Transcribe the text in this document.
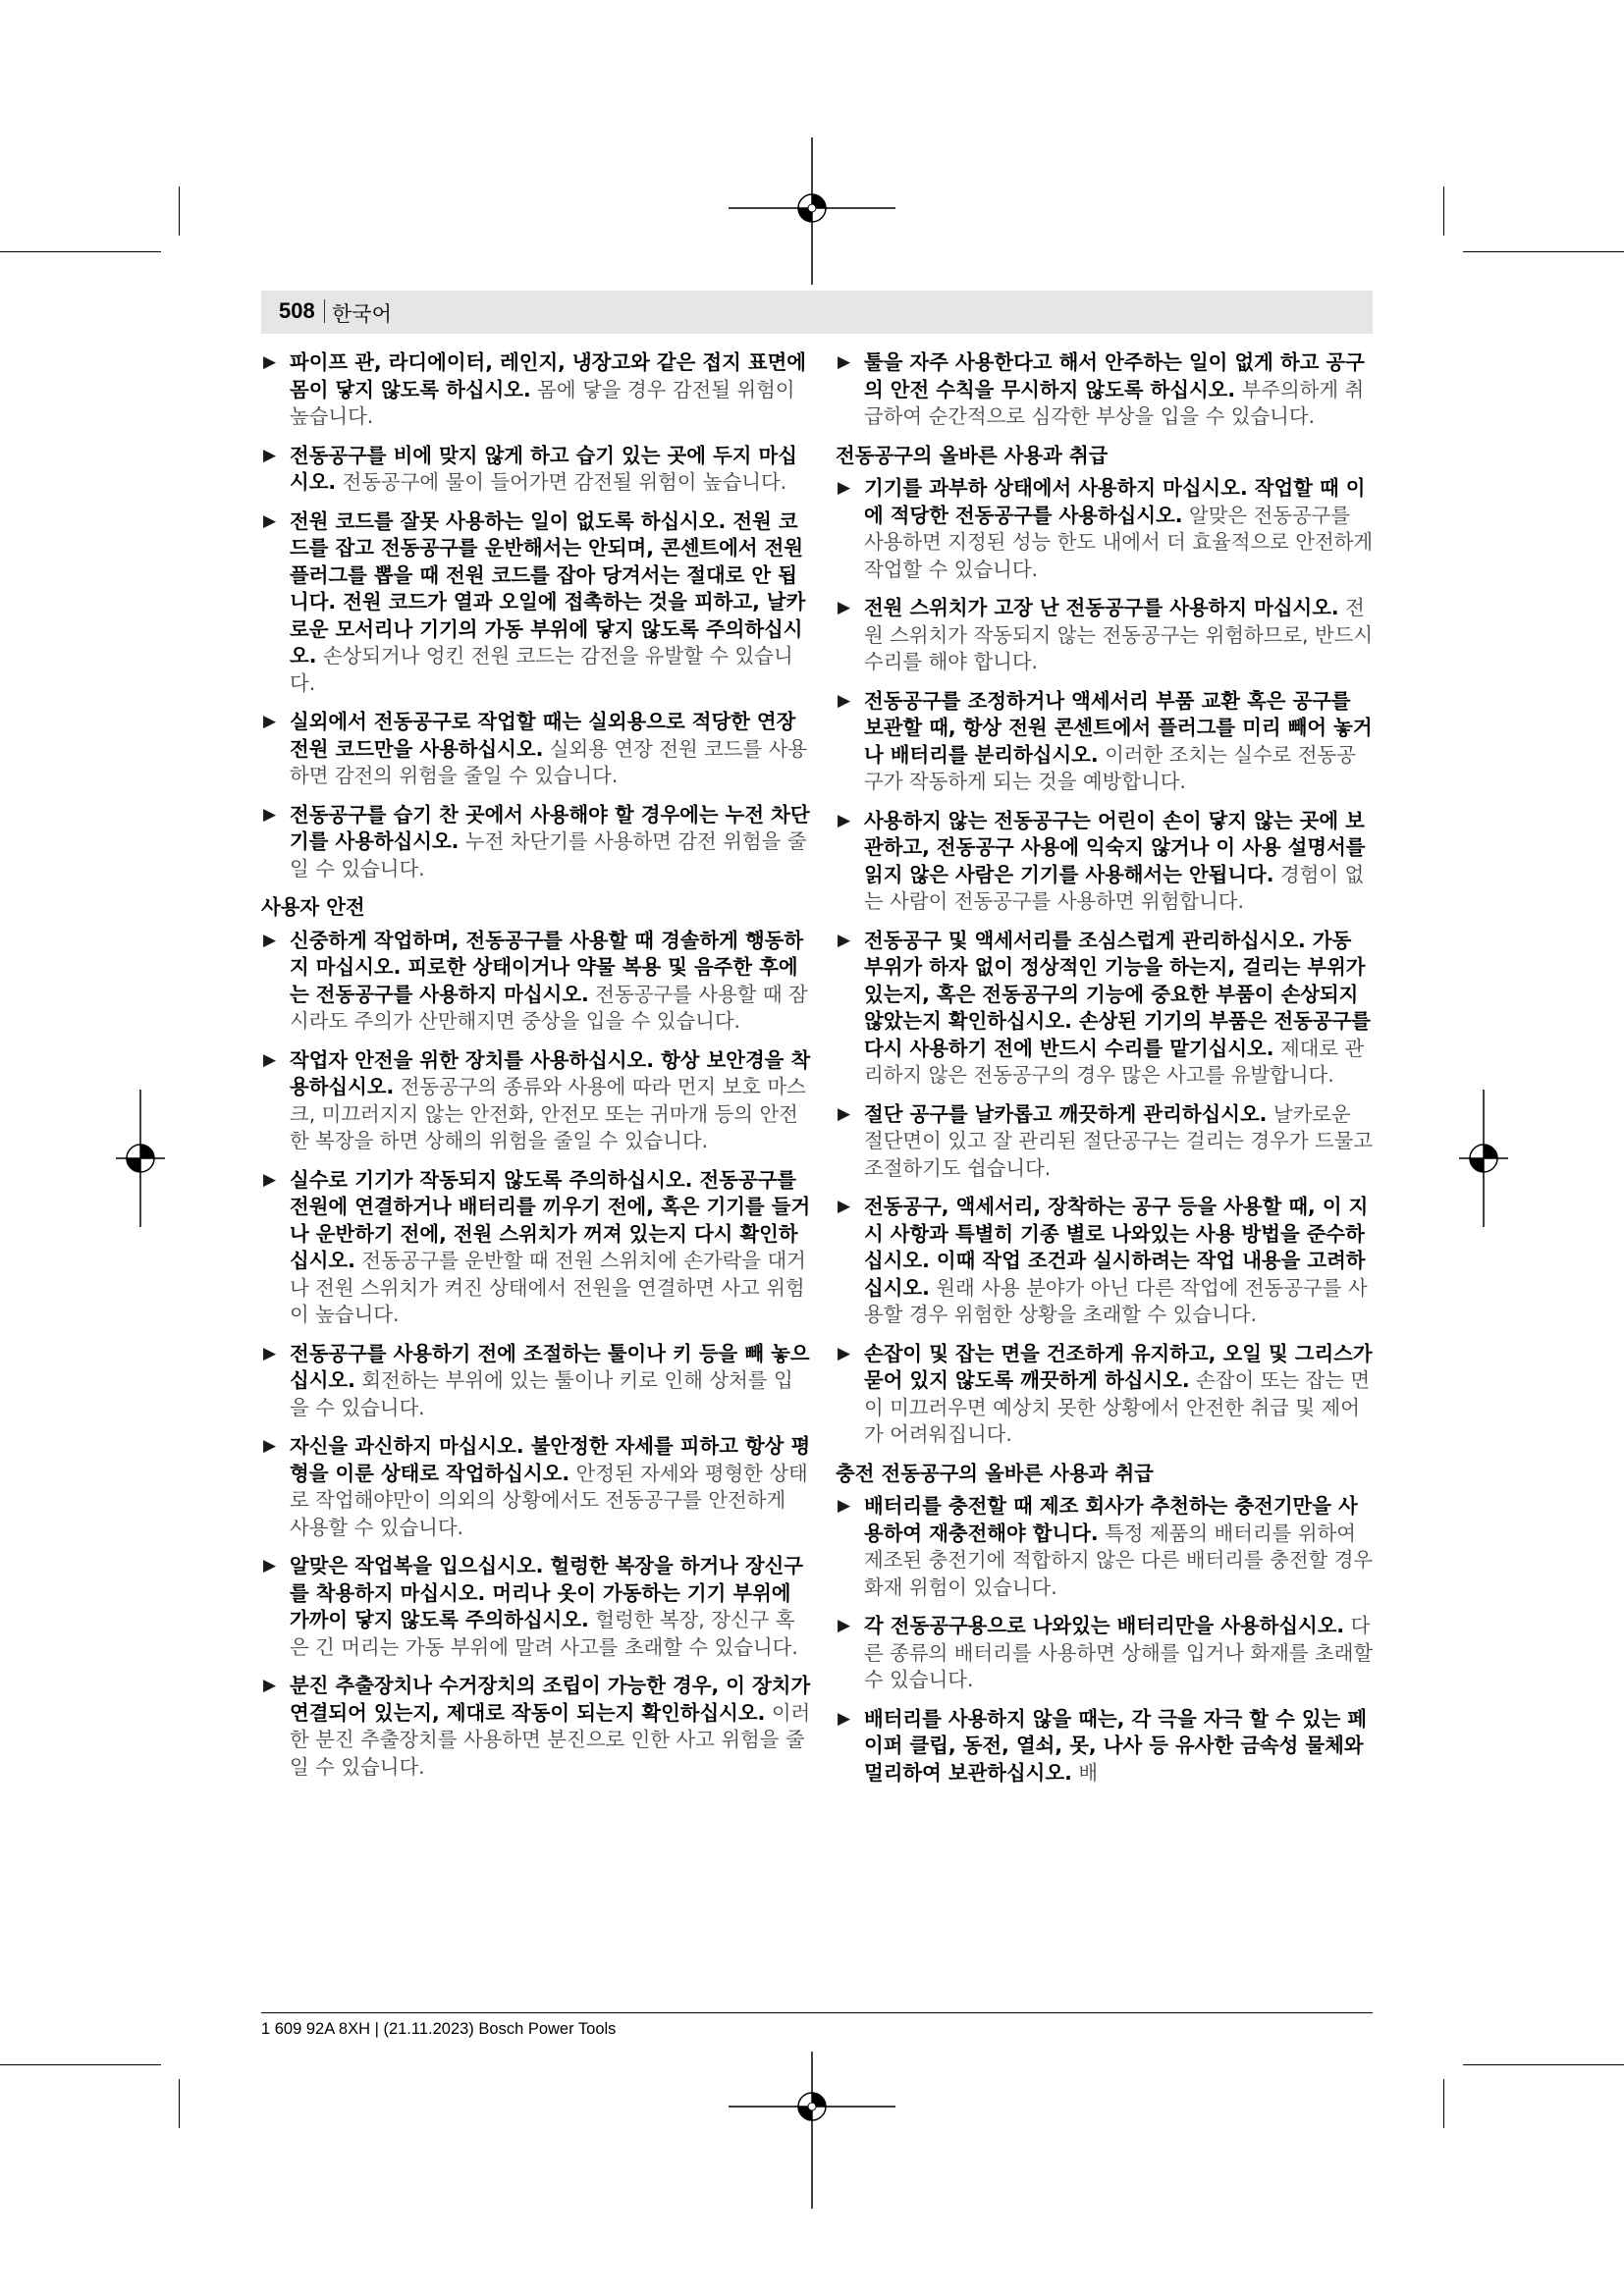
508 한국어
▶ 파이프 관, 라디에이터, 레인지, 냉장고와 같은 접지 표면에 몸이 닿지 않도록 하십시오. 몸에 닿을 경우 감전될 위험이 높습니다.
▶ 전동공구를 비에 맞지 않게 하고 습기 있는 곳에 두지 마십시오. 전동공구에 물이 들어가면 감전될 위험이 높습니다.
▶ 전원 코드를 잘못 사용하는 일이 없도록 하십시오. 전원 코드를 잡고 전동공구를 운반해서는 안되며, 콘센트에서 전원 플러그를 뽑을 때 전원 코드를 잡아 당겨서는 절대로 안 됩니다. 전원 코드가 열과 오일에 접촉하는 것을 피하고, 날카로운 모서리나 기기의 가동 부위에 닿지 않도록 주의하십시오. 손상되거나 엉킨 전원 코드는 감전을 유발할 수 있습니다.
▶ 실외에서 전동공구로 작업할 때는 실외용으로 적당한 연장 전원 코드만을 사용하십시오. 실외용 연장 전원 코드를 사용하면 감전의 위험을 줄일 수 있습니다.
▶ 전동공구를 습기 찬 곳에서 사용해야 할 경우에는 누전 차단기를 사용하십시오. 누전 차단기를 사용하면 감전 위험을 줄일 수 있습니다.
사용자 안전
▶ 신중하게 작업하며, 전동공구를 사용할 때 경솔하게 행동하지 마십시오. 피로한 상태이거나 약물 복용 및 음주한 후에는 전동공구를 사용하지 마십시오. 전동공구를 사용할 때 잠시라도 주의가 산만해지면 중상을 입을 수 있습니다.
▶ 작업자 안전을 위한 장치를 사용하십시오. 항상 보안경을 착용하십시오. 전동공구의 종류와 사용에 따라 먼지 보호 마스크, 미끄러지지 않는 안전화, 안전모 또는 귀마개 등의 안전한 복장을 하면 상해의 위험을 줄일 수 있습니다.
▶ 실수로 기기가 작동되지 않도록 주의하십시오. 전동공구를 전원에 연결하거나 배터리를 끼우기 전에, 혹은 기기를 들거나 운반하기 전에, 전원 스위치가 꺼져 있는지 다시 확인하십시오. 전동공구를 운반할 때 전원 스위치에 손가락을 대거나 전원 스위치가 켜진 상태에서 전원을 연결하면 사고 위험이 높습니다.
▶ 전동공구를 사용하기 전에 조절하는 툴이나 키 등을 빼 놓으십시오. 회전하는 부위에 있는 툴이나 키로 인해 상처를 입을 수 있습니다.
▶ 자신을 과신하지 마십시오. 불안정한 자세를 피하고 항상 평형을 이룬 상태로 작업하십시오. 안정된 자세와 평형한 상태로 작업해야만이 의외의 상황에서도 전동공구를 안전하게 사용할 수 있습니다.
▶ 알맞은 작업복을 입으십시오. 헐렁한 복장을 하거나 장신구를 착용하지 마십시오. 머리나 옷이 가동하는 기기 부위에 가까이 닿지 않도록 주의하십시오. 헐렁한 복장, 장신구 혹은 긴 머리는 가동 부위에 말려 사고를 초래할 수 있습니다.
▶ 분진 추출장치나 수거장치의 조립이 가능한 경우, 이 장치가 연결되어 있는지, 제대로 작동이 되는지 확인하십시오. 이러한 분진 추출장치를 사용하면 분진으로 인한 사고 위험을 줄일 수 있습니다.
▶ 툴을 자주 사용한다고 해서 안주하는 일이 없게 하고 공구의 안전 수칙을 무시하지 않도록 하십시오. 부주의하게 취급하여 순간적으로 심각한 부상을 입을 수 있습니다.
전동공구의 올바른 사용과 취급
▶ 기기를 과부하 상태에서 사용하지 마십시오. 작업할 때 이에 적당한 전동공구를 사용하십시오. 알맞은 전동공구를 사용하면 지정된 성능 한도 내에서 더 효율적으로 안전하게 작업할 수 있습니다.
▶ 전원 스위치가 고장 난 전동공구를 사용하지 마십시오. 전원 스위치가 작동되지 않는 전동공구는 위험하므로, 반드시 수리를 해야 합니다.
▶ 전동공구를 조정하거나 액세서리 부품 교환 혹은 공구를 보관할 때, 항상 전원 콘센트에서 플러그를 미리 빼어 놓거나 배터리를 분리하십시오. 이러한 조치는 실수로 전동공구가 작동하게 되는 것을 예방합니다.
▶ 사용하지 않는 전동공구는 어린이 손이 닿지 않는 곳에 보관하고, 전동공구 사용에 익숙지 않거나 이 사용 설명서를 읽지 않은 사람은 기기를 사용해서는 안됩니다. 경험이 없는 사람이 전동공구를 사용하면 위험합니다.
▶ 전동공구 및 액세서리를 조심스럽게 관리하십시오. 가동 부위가 하자 없이 정상적인 기능을 하는지, 걸리는 부위가 있는지, 혹은 전동공구의 기능에 중요한 부품이 손상되지 않았는지 확인하십시오. 손상된 기기의 부품은 전동공구를 다시 사용하기 전에 반드시 수리를 맡기십시오. 제대로 관리하지 않은 전동공구의 경우 많은 사고를 유발합니다.
▶ 절단 공구를 날카롭고 깨끗하게 관리하십시오. 날카로운 절단면이 있고 잘 관리된 절단공구는 걸리는 경우가 드물고 조절하기도 쉽습니다.
▶ 전동공구, 액세서리, 장착하는 공구 등을 사용할 때, 이 지시 사항과 특별히 기종 별로 나와있는 사용 방법을 준수하십시오. 이때 작업 조건과 실시하려는 작업 내용을 고려하십시오. 원래 사용 분야가 아닌 다른 작업에 전동공구를 사용할 경우 위험한 상황을 초래할 수 있습니다.
▶ 손잡이 및 잡는 면을 건조하게 유지하고, 오일 및 그리스가 묻어 있지 않도록 깨끗하게 하십시오. 손잡이 또는 잡는 면이 미끄러우면 예상치 못한 상황에서 안전한 취급 및 제어가 어려워집니다.
충전 전동공구의 올바른 사용과 취급
▶ 배터리를 충전할 때 제조 회사가 추천하는 충전기만을 사용하여 재충전해야 합니다. 특정 제품의 배터리를 위하여 제조된 충전기에 적합하지 않은 다른 배터리를 충전할 경우 화재 위험이 있습니다.
▶ 각 전동공구용으로 나와있는 배터리만을 사용하십시오. 다른 종류의 배터리를 사용하면 상해를 입거나 화재를 초래할 수 있습니다.
▶ 배터리를 사용하지 않을 때는, 각 극을 자극 할 수 있는 페이퍼 클립, 동전, 열쇠, 못, 나사 등 유사한 금속성 물체와 멀리하여 보관하십시오. 배
1 609 92A 8XH | (21.11.2023) Bosch Power Tools
